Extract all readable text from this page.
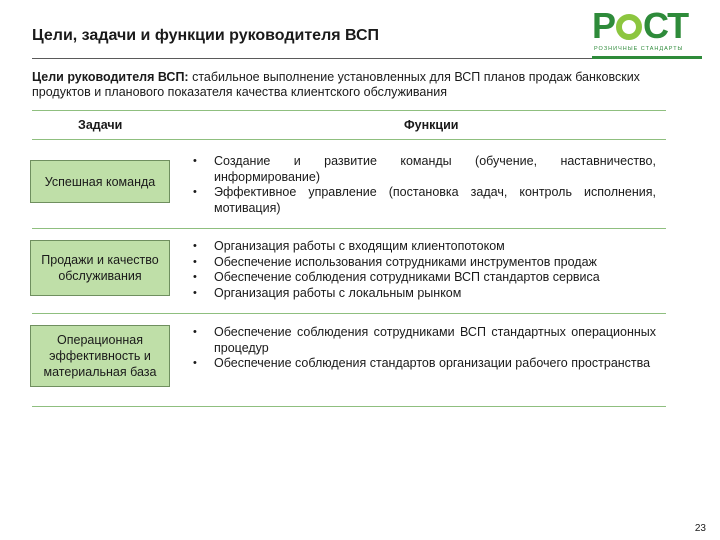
Цели, задачи и функции руководителя ВСП	Р СТ
РОЗНИЧНЫЕ СТАНДАРТЫ
Цели руководителя ВСП: стабильное выполнение установленных для ВСП планов продаж банковских продуктов и планового показателя качества клиентского обслуживания
Задачи	Функции
Успешная команда
• Создание и развитие команды (обучение, наставничество, информирование)
• Эффективное управление (постановка задач, контроль исполнения, мотивация)
Продажи и качество обслуживания
• Организация работы с входящим клиентопотоком
• Обеспечение использования сотрудниками инструментов продаж
• Обеспечение соблюдения сотрудниками ВСП стандартов сервиса
• Организация работы с локальным рынком
Операционная эффективность и материальная база
• Обеспечение соблюдения сотрудниками ВСП стандартных операционных процедур
• Обеспечение соблюдения стандартов организации рабочего пространства
23
